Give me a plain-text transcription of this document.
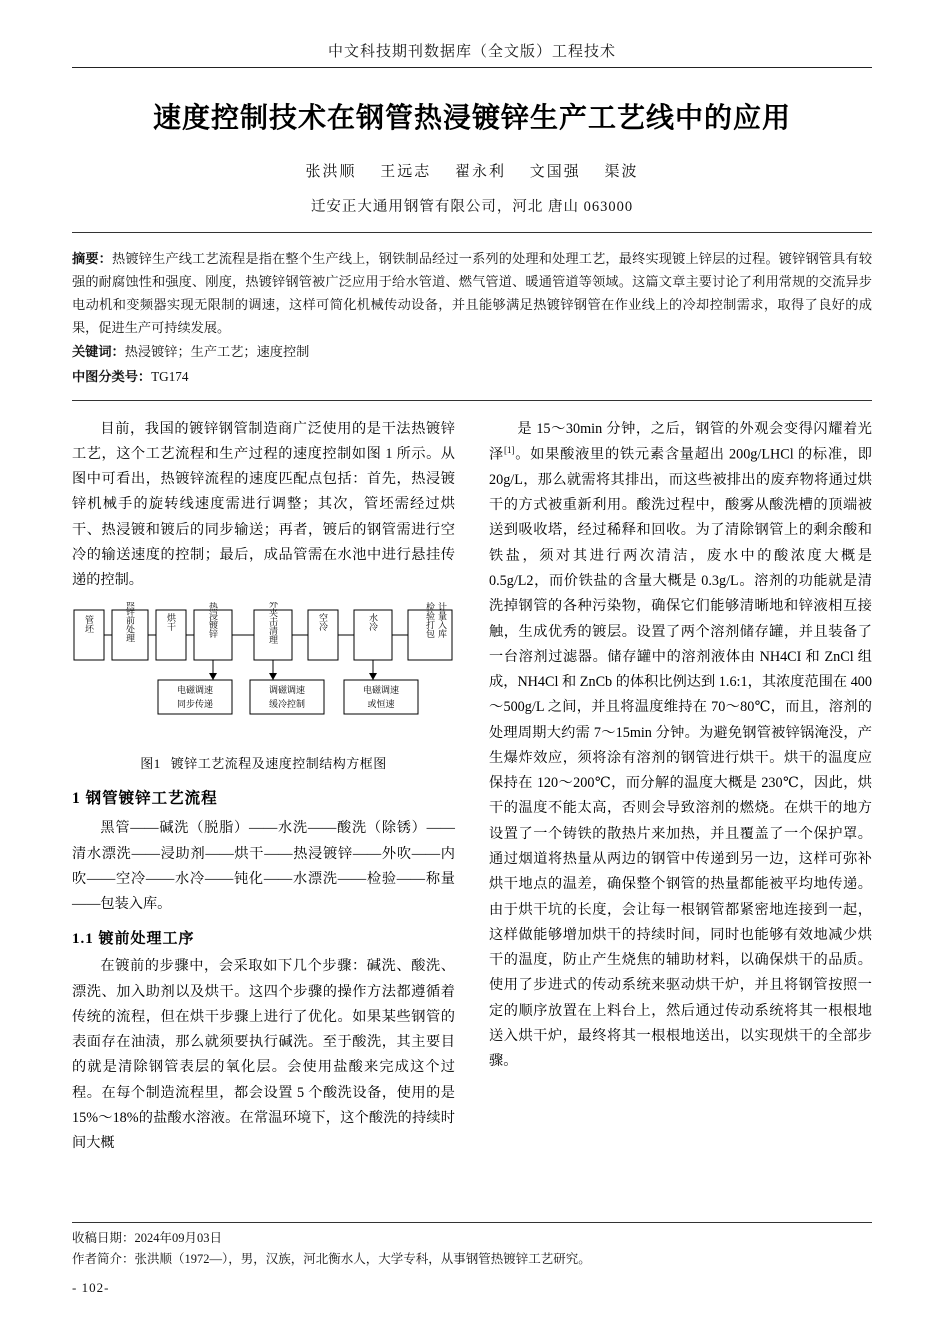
中文科技期刊数据库（全文版）工程技术
速度控制技术在钢管热浸镀锌生产工艺线中的应用
张洪顺 王远志 翟永利 文国强 渠波
迁安正大通用钢管有限公司，河北 唐山 063000
摘要：热镀锌生产线工艺流程是指在整个生产线上，钢铁制品经过一系列的处理和处理工艺，最终实现镀上锌层的过程。镀锌钢管具有较强的耐腐蚀性和强度、刚度，热镀锌钢管被广泛应用于给水管道、燃气管道、暖通管道等领域。这篇文章主要讨论了利用常规的交流异步电动机和变频器实现无限制的调速，这样可简化机械传动设备，并且能够满足热镀锌钢管在作业线上的冷却控制需求，取得了良好的成果，促进生产可持续发展。
关键词：热浸镀锌；生产工艺；速度控制
中图分类号：TG174

目前，我国的镀锌钢管制造商广泛使用的是干法热镀锌工艺，这个工艺流程和生产过程的速度控制如图 1 所示。从图中可看出，热镀锌流程的速度匹配点包括：首先，热浸镀锌机械手的旋转线速度需进行调整；其次，管坯需经过烘干、热浸镀和镀后的同步输送；再者，镀后的钢管需进行空冷的输送速度的控制；最后，成品管需在水池中进行悬挂传递的控制。

管坯	镀锌前处理	烘干	热浸镀锌	内外夹击清理	空冷	水冷	检验打包 计量入库
电磁调速
同步传递
调磁调速
缓冷控制
电磁调速
或恒速
图1 镀锌工艺流程及速度控制结构方框图
1 钢管镀锌工艺流程

黑管——碱洗（脱脂）——水洗——酸洗（除锈）——清水漂洗——浸助剂——烘干——热浸镀锌——外吹——内吹——空冷——水冷——钝化——水漂洗——检验——称量——包装入库。

1.1 镀前处理工序

在镀前的步骤中，会采取如下几个步骤：碱洗、酸洗、漂洗、加入助剂以及烘干。这四个步骤的操作方法都遵循着传统的流程，但在烘干步骤上进行了优化。如果某些钢管的表面存在油渍，那么就须要执行碱洗。至于酸洗，其主要目的就是清除钢管表层的氧化层。会使用盐酸来完成这个过程。在每个制造流程里，都会设置 5 个酸洗设备，使用的是 15%～18%的盐酸水溶液。在常温环境下，这个酸洗的持续时间大概

是 15～30min 分钟，之后，钢管的外观会变得闪耀着光泽[1]。如果酸液里的铁元素含量超出 200g/LHCl 的标准，即 20g/L，那么就需将其排出，而这些被排出的废弃物将通过烘干的方式被重新利用。酸洗过程中，酸雾从酸洗槽的顶端被送到吸收塔，经过稀释和回收。为了清除钢管上的剩余酸和铁盐，须对其进行两次清洁，废水中的酸浓度大概是 0.5g/L2，而价铁盐的含量大概是 0.3g/L。溶剂的功能就是清洗掉钢管的各种污染物，确保它们能够清晰地和锌液相互接触，生成优秀的镀层。设置了两个溶剂储存罐，并且装备了一台溶剂过滤器。储存罐中的溶剂液体由 NH4CI 和 ZnCl 组成，NH4Cl 和 ZnCb 的体积比例达到 1.6:1，其浓度范围在 400～500g/L 之间，并且将温度维持在 70～80℃，而且，溶剂的处理周期大约需 7～15min 分钟。为避免钢管被锌锅淹没，产生爆炸效应，须将涂有溶剂的钢管进行烘干。烘干的温度应保持在 120～200℃，而分解的温度大概是 230℃，因此，烘干的温度不能太高，否则会导致溶剂的燃烧。在烘干的地方设置了一个铸铁的散热片来加热，并且覆盖了一个保护罩。通过烟道将热量从两边的钢管中传递到另一边，这样可弥补烘干地点的温差，确保整个钢管的热量都能被平均地传递。由于烘干坑的长度，会让每一根钢管都紧密地连接到一起，这样做能够增加烘干的持续时间，同时也能够有效地减少烘干的温度，防止产生烧焦的辅助材料，以确保烘干的品质。使用了步进式的传动系统来驱动烘干炉，并且将钢管按照一定的顺序放置在上料台上，然后通过传动系统将其一根根地送入烘干炉，最终将其一根根地送出，以实现烘干的全部步骤。

收稿日期：2024年09月03日
作者简介：张洪顺（1972—），男，汉族，河北衡水人，大学专科，从事钢管热镀锌工艺研究。
- 102-
